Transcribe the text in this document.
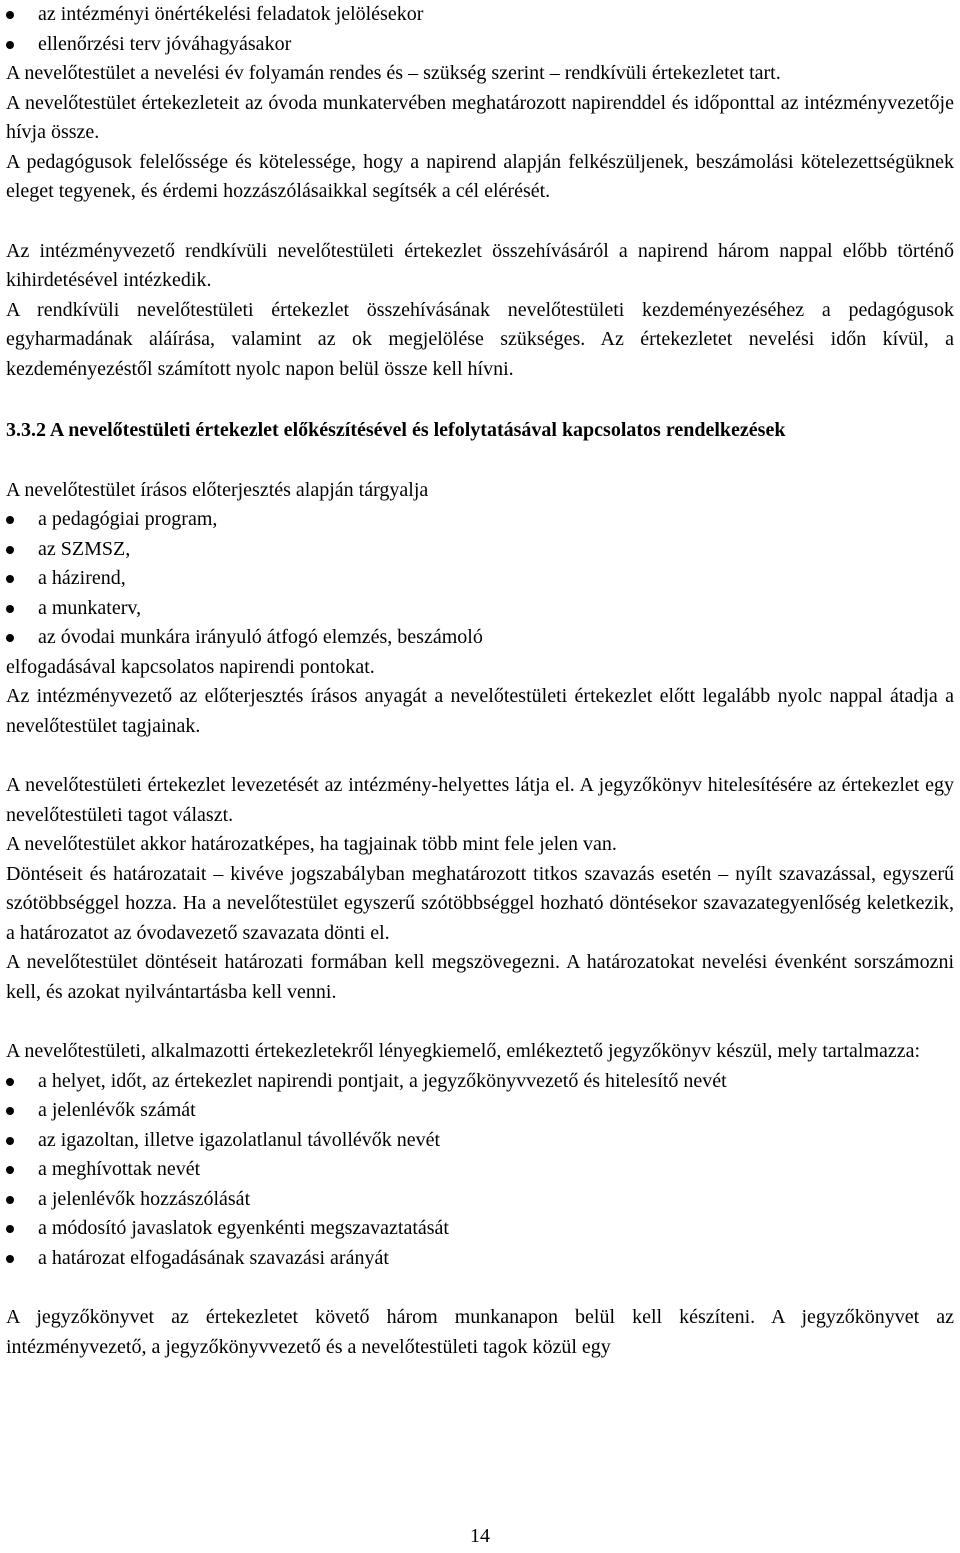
az intézményi önértékelési feladatok jelölésekor
ellenőrzési terv jóváhagyásakor

A nevelőtestület a nevelési év folyamán rendes és – szükség szerint – rendkívüli értekezletet tart.

A nevelőtestület értekezleteit az óvoda munkatervében meghatározott napirenddel és időponttal az intézményvezetője hívja össze.

A pedagógusok felelőssége és kötelessége, hogy a napirend alapján felkészüljenek, beszámolási kötelezettségüknek eleget tegyenek, és érdemi hozzászólásaikkal segítsék a cél elérését.

Az intézményvezető rendkívüli nevelőtestületi értekezlet összehívásáról a napirend három nappal előbb történő kihirdetésével intézkedik.

A rendkívüli nevelőtestületi értekezlet összehívásának nevelőtestületi kezdeményezéséhez a pedagógusok egyharmadának aláírása, valamint az ok megjelölése szükséges. Az értekezletet nevelési időn kívül, a kezdeményezéstől számított nyolc napon belül össze kell hívni.

3.3.2 A nevelőtestületi értekezlet előkészítésével és lefolytatásával kapcsolatos rendelkezések

A nevelőtestület írásos előterjesztés alapján tárgyalja

a pedagógiai program,
az SZMSZ,
a házirend,
a munkaterv,
az óvodai munkára irányuló átfogó elemzés, beszámoló

elfogadásával kapcsolatos napirendi pontokat.

Az intézményvezető az előterjesztés írásos anyagát a nevelőtestületi értekezlet előtt legalább nyolc nappal átadja a nevelőtestület tagjainak.

A nevelőtestületi értekezlet levezetését az intézmény-helyettes látja el. A jegyzőkönyv hitelesítésére az értekezlet egy nevelőtestületi tagot választ.

A nevelőtestület akkor határozatképes, ha tagjainak több mint fele jelen van.

Döntéseit és határozatait – kivéve jogszabályban meghatározott titkos szavazás esetén – nyílt szavazással, egyszerű szótöbbséggel hozza. Ha a nevelőtestület egyszerű szótöbbséggel hozható döntésekor szavazategyenlőség keletkezik, a határozatot az óvodavezető szavazata dönti el.

A nevelőtestület döntéseit határozati formában kell megszövegezni. A határozatokat nevelési évenként sorszámozni kell, és azokat nyilvántartásba kell venni.

A nevelőtestületi, alkalmazotti értekezletekről lényegkiemelő, emlékeztető jegyzőkönyv készül, mely tartalmazza:

a helyet, időt, az értekezlet napirendi pontjait, a jegyzőkönyvvezető és hitelesítő nevét
a jelenlévők számát
az igazoltan, illetve igazolatlanul távollévők nevét
a meghívottak nevét
a jelenlévők hozzászólását
a módosító javaslatok egyenkénti megszavaztatását
a határozat elfogadásának szavazási arányát

A jegyzőkönyvet az értekezletet követő három munkanapon belül kell készíteni. A jegyzőkönyvet az intézményvezető, a jegyzőkönyvvezető és a nevelőtestületi tagok közül egy

14
